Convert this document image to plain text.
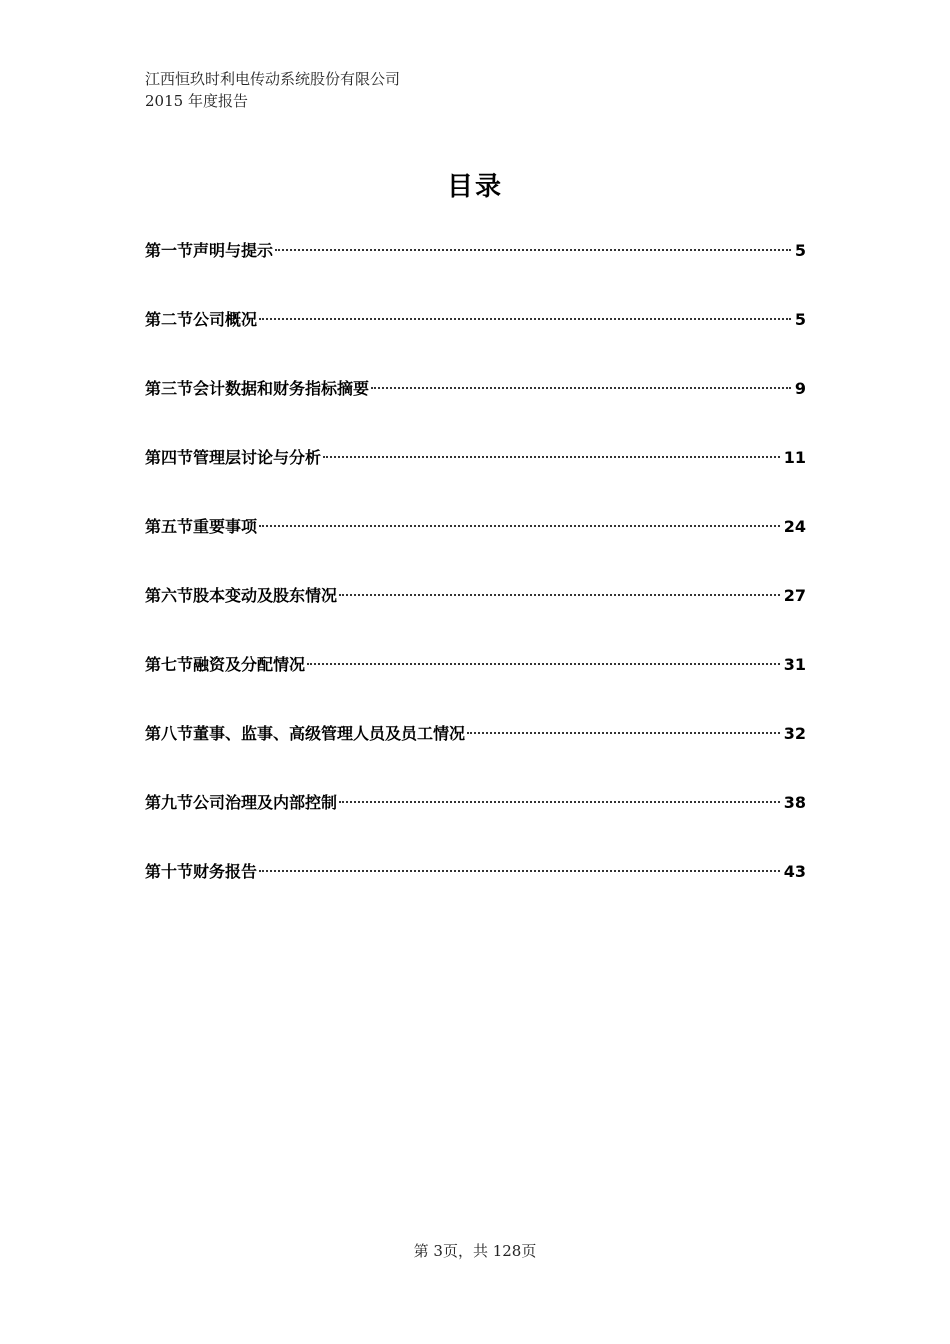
江西恒玖时利电传动系统股份有限公司
2015 年度报告
目录
第一节声明与提示	5
第二节公司概况	5
第三节会计数据和财务指标摘要	9
第四节管理层讨论与分析	11
第五节重要事项	24
第六节股本变动及股东情况	27
第七节融资及分配情况	31
第八节董事、监事、高级管理人员及员工情况	32
第九节公司治理及内部控制	38
第十节财务报告	43
第 3页，共 128页
